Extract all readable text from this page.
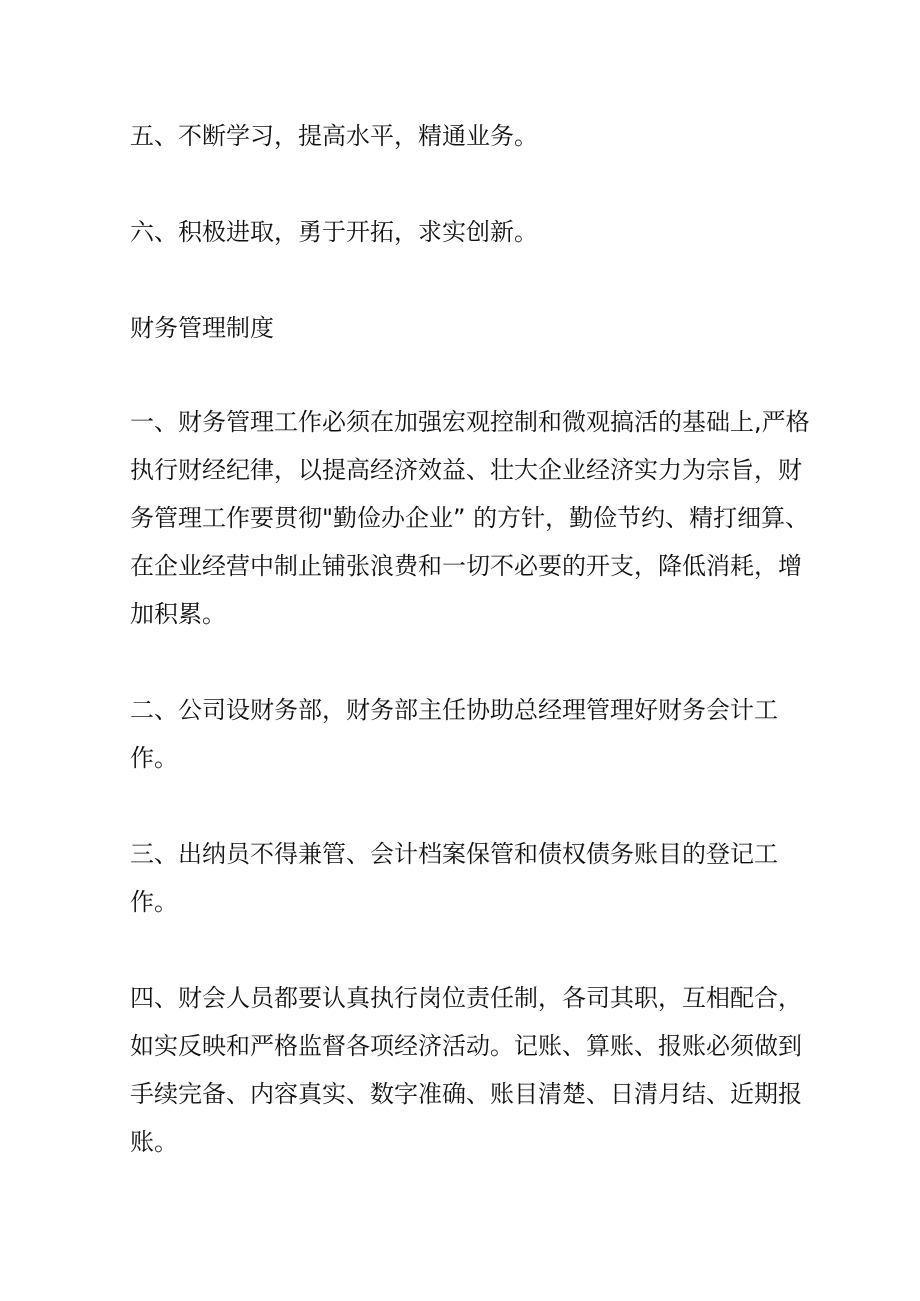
五、不断学习，提高水平，精通业务。

六、积极进取，勇于开拓，求实创新。

财务管理制度

一、财务管理工作必须在加强宏观控制和微观搞活的基础上,严格
执行财经纪律，以提高经济效益、壮大企业经济实力为宗旨，财
务管理工作要贯彻"勤俭办企业” 的方针，勤俭节约、精打细算、
在企业经营中制止铺张浪费和一切不必要的开支，降低消耗，增
加积累。

二、公司设财务部，财务部主任协助总经理管理好财务会计工
作。

三、出纳员不得兼管、会计档案保管和债权债务账目的登记工
作。

四、财会人员都要认真执行岗位责任制，各司其职，互相配合，
如实反映和严格监督各项经济活动。记账、算账、报账必须做到
手续完备、内容真实、数字准确、账目清楚、日清月结、近期报
账。
